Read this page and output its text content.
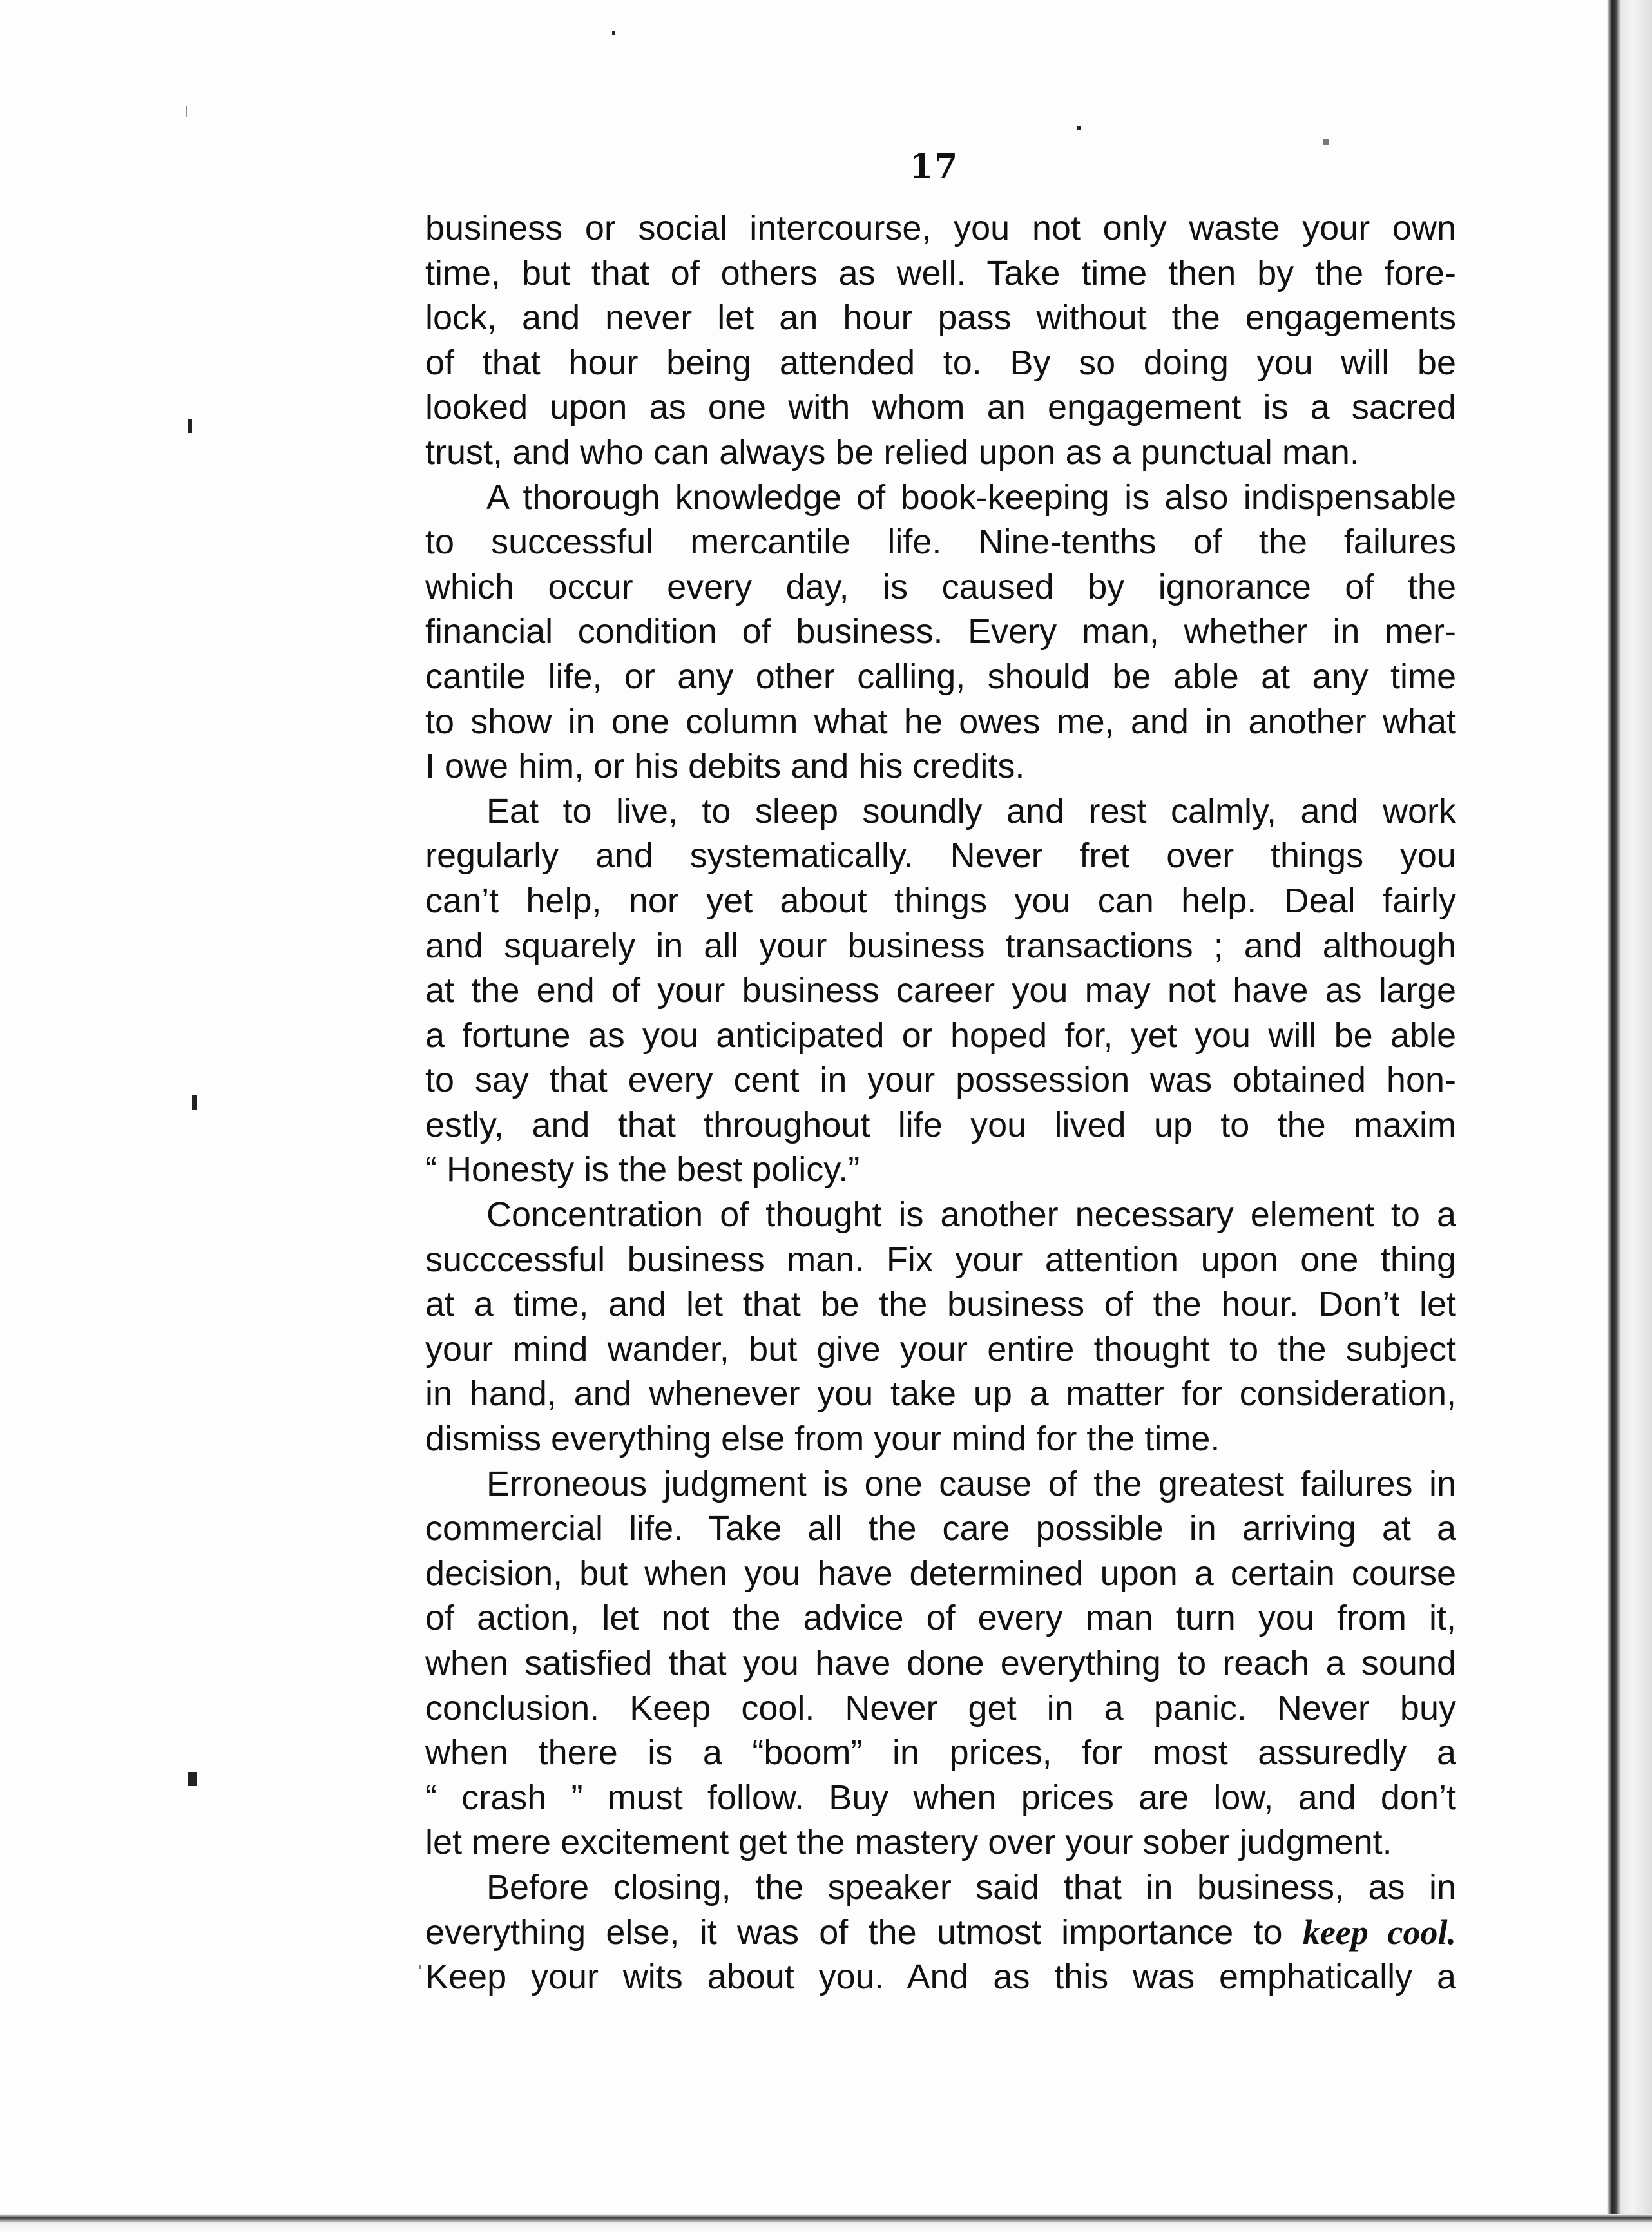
17
business or social intercourse, you not only waste your own
time, but that of others as well. Take time then by the fore-
lock, and never let an hour pass without the engagements
of that hour being attended to. By so doing you will be
looked upon as one with whom an engagement is a sacred
trust, and who can always be relied upon as a punctual man.
A thorough knowledge of book-keeping is also indispensable
to successful mercantile life. Nine-tenths of the failures
which occur every day, is caused by ignorance of the
financial condition of business. Every man, whether in mer-
cantile life, or any other calling, should be able at any time
to show in one column what he owes me, and in another what
I owe him, or his debits and his credits.
Eat to live, to sleep soundly and rest calmly, and work
regularly and systematically. Never fret over things you
can’t help, nor yet about things you can help. Deal fairly
and squarely in all your business transactions ; and although
at the end of your business career you may not have as large
a fortune as you anticipated or hoped for, yet you will be able
to say that every cent in your possession was obtained hon-
estly, and that throughout life you lived up to the maxim
“ Honesty is the best policy.”
Concentration of thought is another necessary element to a
succcessful business man. Fix your attention upon one thing
at a time, and let that be the business of the hour. Don’t let
your mind wander, but give your entire thought to the subject
in hand, and whenever you take up a matter for consideration,
dismiss everything else from your mind for the time.
Erroneous judgment is one cause of the greatest failures in
commercial life. Take all the care possible in arriving at a
decision, but when you have determined upon a certain course
of action, let not the advice of every man turn you from it,
when satisfied that you have done everything to reach a sound
conclusion. Keep cool. Never get in a panic. Never buy
when there is a “boom” in prices, for most assuredly a
“ crash ” must follow. Buy when prices are low, and don’t
let mere excitement get the mastery over your sober judgment.
Before closing, the speaker said that in business, as in
everything else, it was of the utmost importance to keep cool.
Keep your wits about you. And as this was emphatically a
